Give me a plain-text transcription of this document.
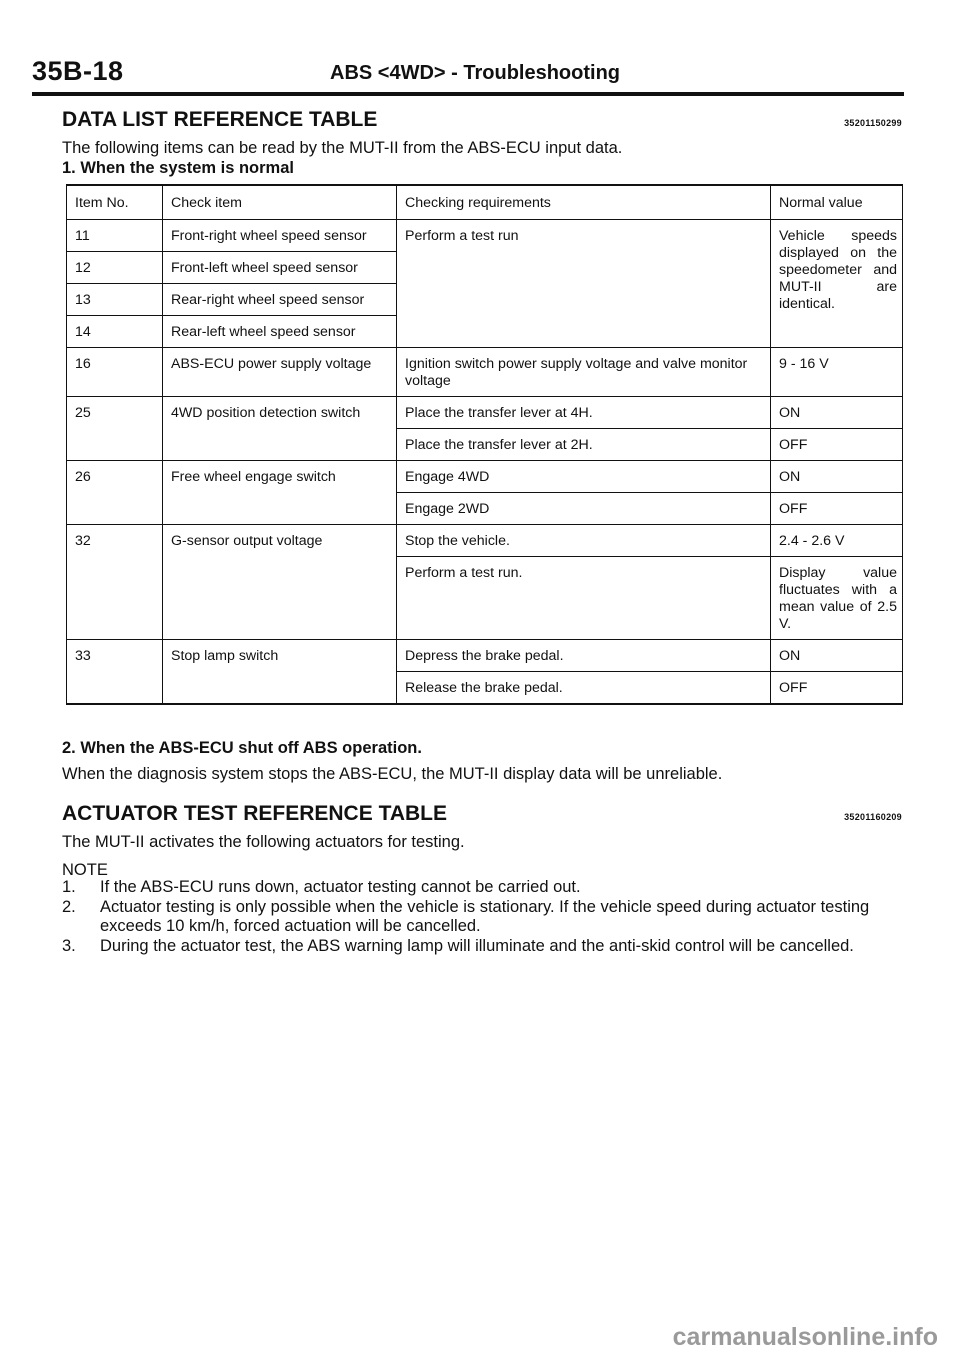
35B-18	ABS <4WD> - Troubleshooting
DATA LIST REFERENCE TABLE	35201150299
The following items can be read by the MUT-II from the ABS-ECU input data.
1. When the system is normal
Item No.	Check item	Checking requirements	Normal value
11	Front-right wheel speed sensor	Perform a test run	Vehicle speeds displayed on the speedometer and MUT-II are identical.

12	Front-left wheel speed sensor		
13	Rear-right wheel speed sensor		
14	Rear-left wheel speed sensor		
16	ABS-ECU power supply voltage	Ignition switch power supply voltage and valve monitor voltage	9 - 16 V
25	4WD position detection switch	Place the transfer lever at 4H.	ON
		Place the transfer lever at 2H.	OFF
26	Free wheel engage switch	Engage 4WD	ON
		Engage 2WD	OFF
32	G-sensor output voltage	Stop the vehicle.	2.4 - 2.6 V
		Perform a test run.	Display value fluctuates with a mean value of 2.5 V.

33	Stop lamp switch	Depress the brake pedal.	ON
		Release the brake pedal.	OFF
2. When the ABS-ECU shut off ABS operation.
When the diagnosis system stops the ABS-ECU, the MUT-II display data will be unreliable.
ACTUATOR TEST REFERENCE TABLE	35201160209
The MUT-II activates the following actuators for testing.
NOTE
1.	If the ABS-ECU runs down, actuator testing cannot be carried out.
2.	Actuator testing is only possible when the vehicle is stationary. If the vehicle speed during actuator testing exceeds 10 km/h, forced actuation will be cancelled.
3.	During the actuator test, the ABS warning lamp will illuminate and the anti-skid control will be cancelled.
carmanualsonline.info
